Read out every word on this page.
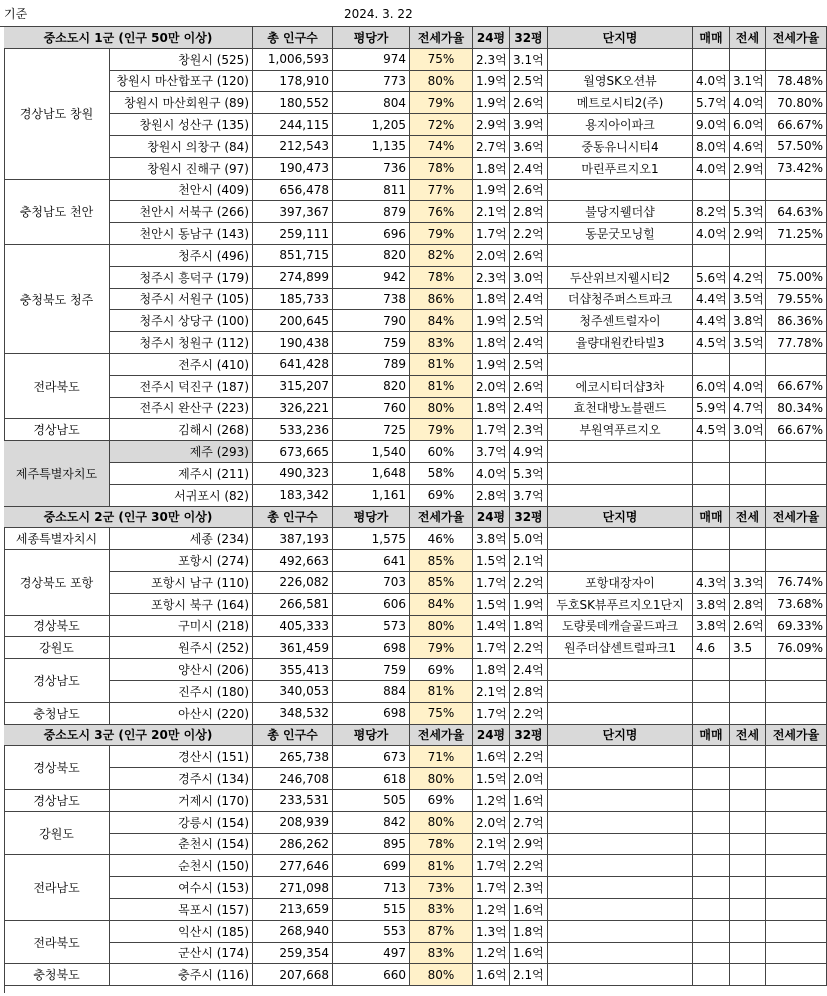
기준	2024. 3. 22
중소도시 1군 (인구 50만 이상)	총 인구수	평당가	전세가율	24평 32평	단지명	매매	전세	전세가율
경상남도 창원
창원시 (525)	1,006,593	974	75%	2.3억 3.1억
창원시 마산합포구 (120)	178,910	773	80%	1.9억 2.5억	월영SK오션뷰	4.0억 3.1억	78.48%
창원시 마산회원구 (89)	180,552	804	79%	1.9억 2.6억	메트로시티2(주)	5.7억 4.0억	70.80%
창원시 성산구 (135)	244,115	1,205	72%	2.9억 3.9억	용지아이파크	9.0억 6.0억	66.67%
창원시 의창구 (84)	212,543	1,135	74%	2.7억 3.6억	중동유니시티4	8.0억 4.6억	57.50%
창원시 진해구 (97)	190,473	736	78%	1.8억 2.4억	마린푸르지오1	4.0억 2.9억	73.42%
충청남도 천안
천안시 (409)	656,478	811	77%	1.9억 2.6억
천안시 서북구 (266)	397,367	879	76%	2.1억 2.8억	불당지웰더샵	8.2억 5.3억	64.63%
천안시 동남구 (143)	259,111	696	79%	1.7억 2.2억	동문굿모닝힐	4.0억 2.9억	71.25%
충청북도 청주
청주시 (496)	851,715	820	82%	2.0억 2.6억
청주시 흥덕구 (179)	274,899	942	78%	2.3억 3.0억	두산위브지웰시티2	5.6억 4.2억	75.00%
청주시 서원구 (105)	185,733	738	86%	1.8억 2.4억	더샵청주퍼스트파크	4.4억 3.5억	79.55%
청주시 상당구 (100)	200,645	790	84%	1.9억 2.5억	청주센트럴자이	4.4억 3.8억	86.36%
청주시 청원구 (112)	190,438	759	83%	1.8억 2.4억	율량대원칸타빌3	4.5억 3.5억	77.78%
전라북도
전주시 (410)	641,428	789	81%	1.9억 2.5억
전주시 덕진구 (187)	315,207	820	81%	2.0억 2.6억	에코시티더샵3차	6.0억 4.0억	66.67%
전주시 완산구 (223)	326,221	760	80%	1.8억 2.4억	효천대방노블랜드	5.9억 4.7억	80.34%
경상남도	김해시 (268)	533,236	725	79%	1.7억 2.3억	부원역푸르지오	4.5억 3.0억	66.67%
제주특별자치도
제주 (293)	673,665	1,540	60%	3.7억 4.9억
제주시 (211)	490,323	1,648	58%	4.0억 5.3억
서귀포시 (82)	183,342	1,161	69%	2.8억 3.7억
중소도시 2군 (인구 30만 이상)	총 인구수	평당가	전세가율	24평 32평	단지명	매매	전세	전세가율
세종특별자치시	세종 (234)	387,193	1,575	46%	3.8억 5.0억
경상북도 포항
포항시 (274)	492,663	641	85%	1.5억 2.1억
포항시 남구 (110)	226,082	703	85%	1.7억 2.2억	포항대장자이	4.3억 3.3억	76.74%
포항시 북구 (164)	266,581	606	84%	1.5억 1.9억	두호SK뷰푸르지오1단지	3.8억 2.8억	73.68%
경상북도	구미시 (218)	405,333	573	80%	1.4억 1.8억	도량롯데캐슬골드파크	3.8억 2.6억	69.33%
강원도	원주시 (252)	361,459	698	79%	1.7억 2.2억	원주더샵센트럴파크1	4.6	3.5	76.09%
경상남도
양산시 (206)	355,413	759	69%	1.8억 2.4억
진주시 (180)	340,053	884	81%	2.1억 2.8억
충청남도	아산시 (220)	348,532	698	75%	1.7억 2.2억
중소도시 3군 (인구 20만 이상)	총 인구수	평당가	전세가율	24평 32평	단지명	매매	전세	전세가율
경상북도
경산시 (151)	265,738	673	71%	1.6억 2.2억
경주시 (134)	246,708	618	80%	1.5억 2.0억
경상남도	거제시 (170)	233,531	505	69%	1.2억 1.6억
강원도
강릉시 (154)	208,939	842	80%	2.0억 2.7억
춘천시 (154)	286,262	895	78%	2.1억 2.9억
전라남도
순천시 (150)	277,646	699	81%	1.7억 2.2억
여수시 (153)	271,098	713	73%	1.7억 2.3억
목포시 (157)	213,659	515	83%	1.2억 1.6억
전라북도
익산시 (185)	268,940	553	87%	1.3억 1.8억
군산시 (174)	259,354	497	83%	1.2억 1.6억
충청북도	충주시 (116)	207,668	660	80%	1.6억 2.1억
